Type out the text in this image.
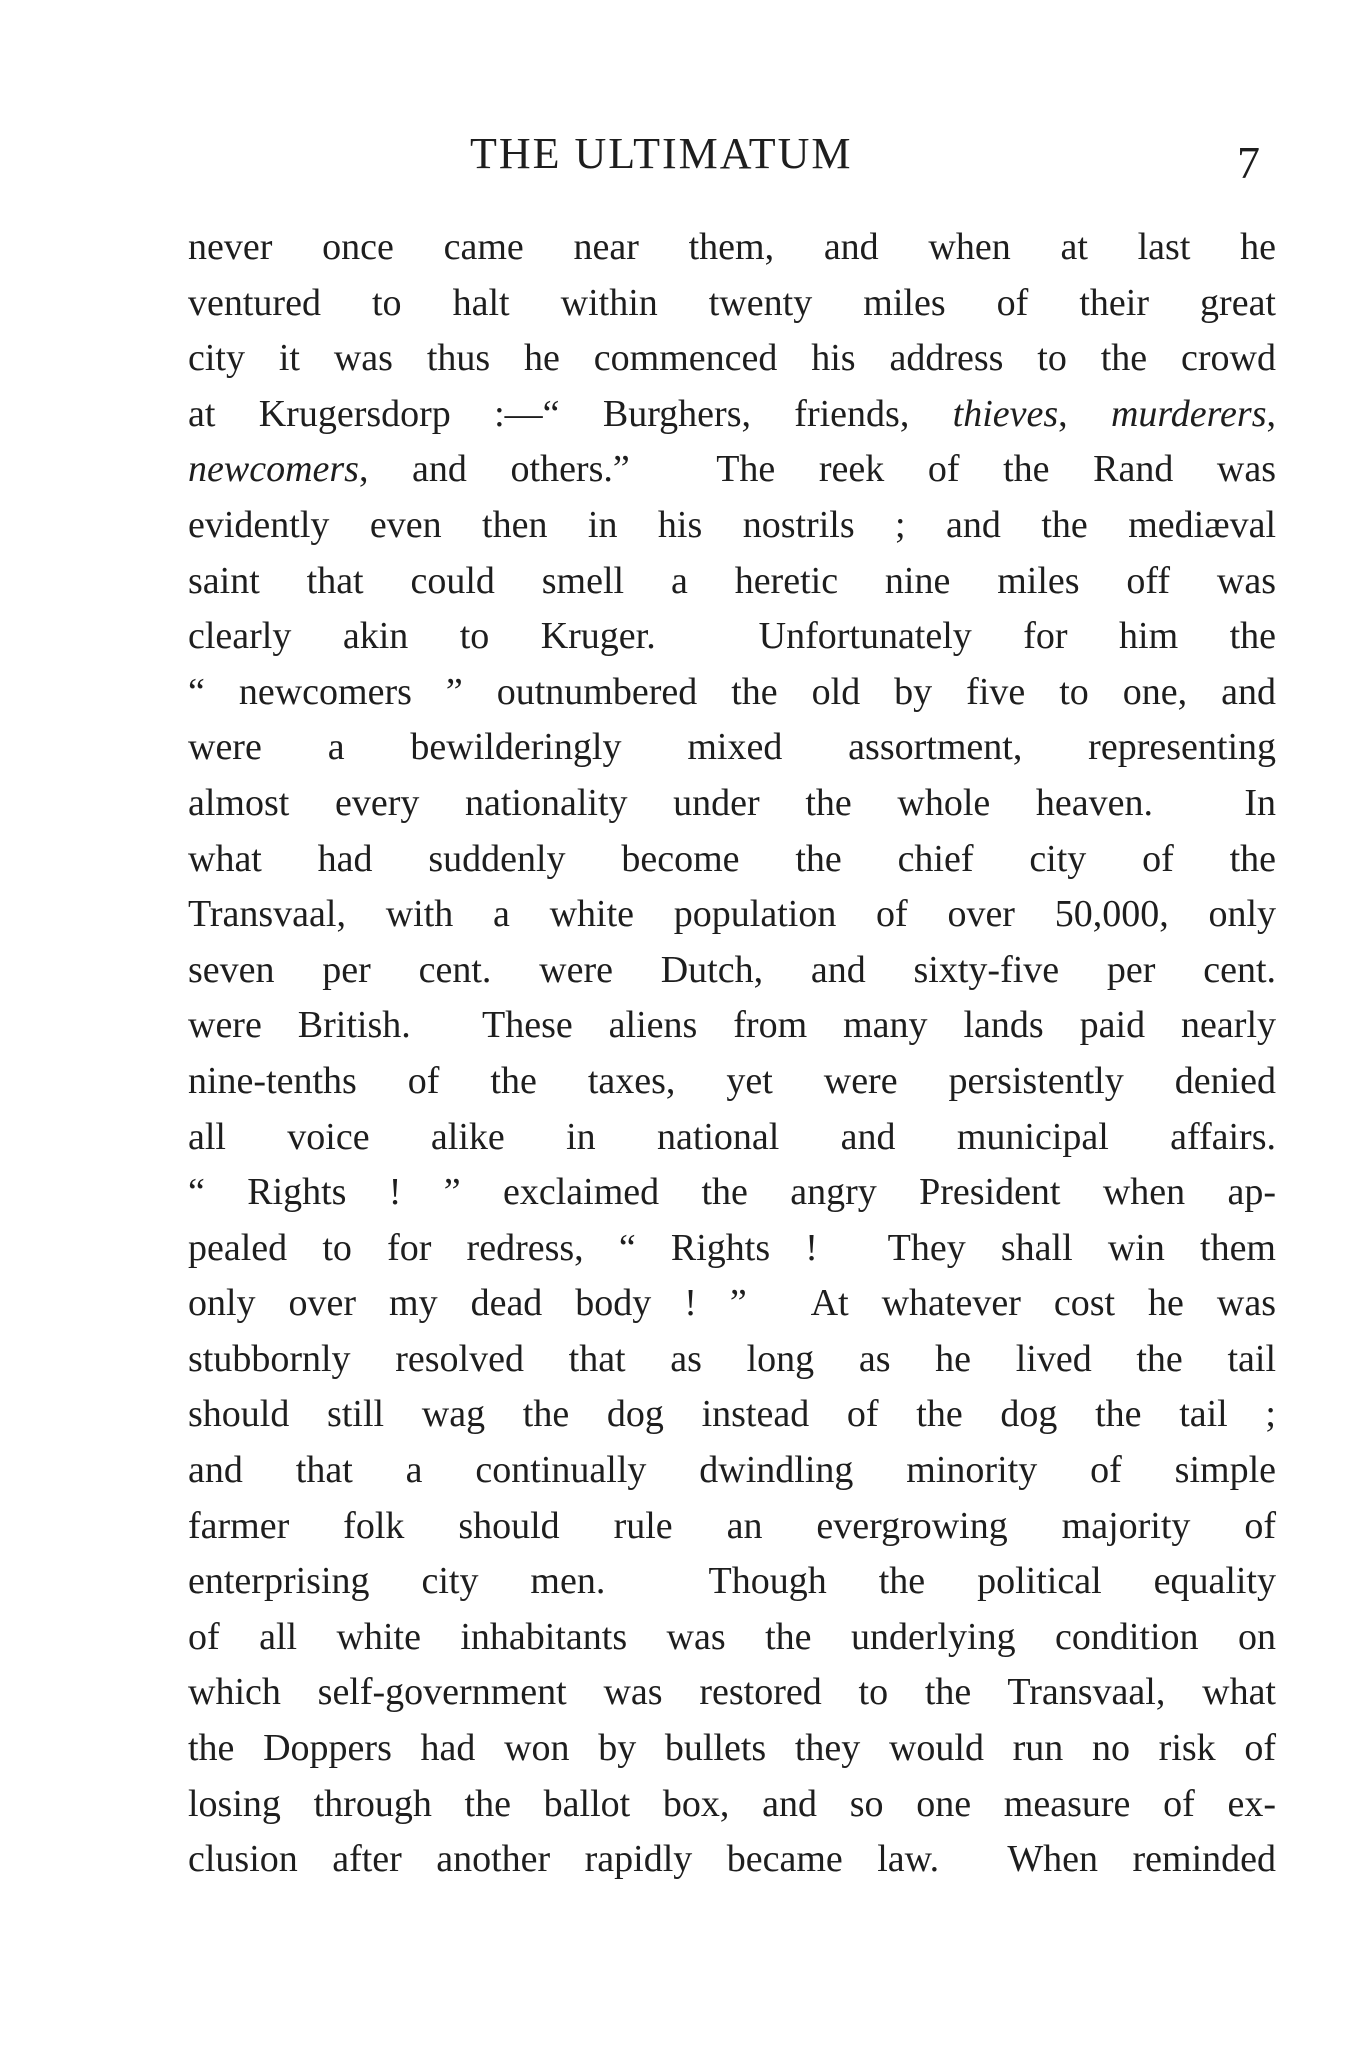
THE ULTIMATUM	7
never once came near them, and when at last he
ventured to halt within twenty miles of their great
city it was thus he commenced his address to the crowd
at Krugersdorp :—“ Burghers, friends, thieves, murderers,
newcomers, and others.”  The reek of the Rand was
evidently even then in his nostrils ; and the mediæval
saint that could smell a heretic nine miles off was
clearly akin to Kruger.  Unfortunately for him the
“ newcomers ” outnumbered the old by five to one, and
were a bewilderingly mixed assortment, representing
almost every nationality under the whole heaven.  In
what had suddenly become the chief city of the
Transvaal, with a white population of over 50,000, only
seven per cent. were Dutch, and sixty-five per cent.
were British.  These aliens from many lands paid nearly
nine-tenths of the taxes, yet were persistently denied
all voice alike in national and municipal affairs.
“ Rights ! ” exclaimed the angry President when ap-
pealed to for redress, “ Rights !  They shall win them
only over my dead body ! ”  At whatever cost he was
stubbornly resolved that as long as he lived the tail
should still wag the dog instead of the dog the tail ;
and that a continually dwindling minority of simple
farmer folk should rule an evergrowing majority of
enterprising city men.  Though the political equality
of all white inhabitants was the underlying condition on
which self-government was restored to the Transvaal, what
the Doppers had won by bullets they would run no risk of
losing through the ballot box, and so one measure of ex-
clusion after another rapidly became law.  When reminded
